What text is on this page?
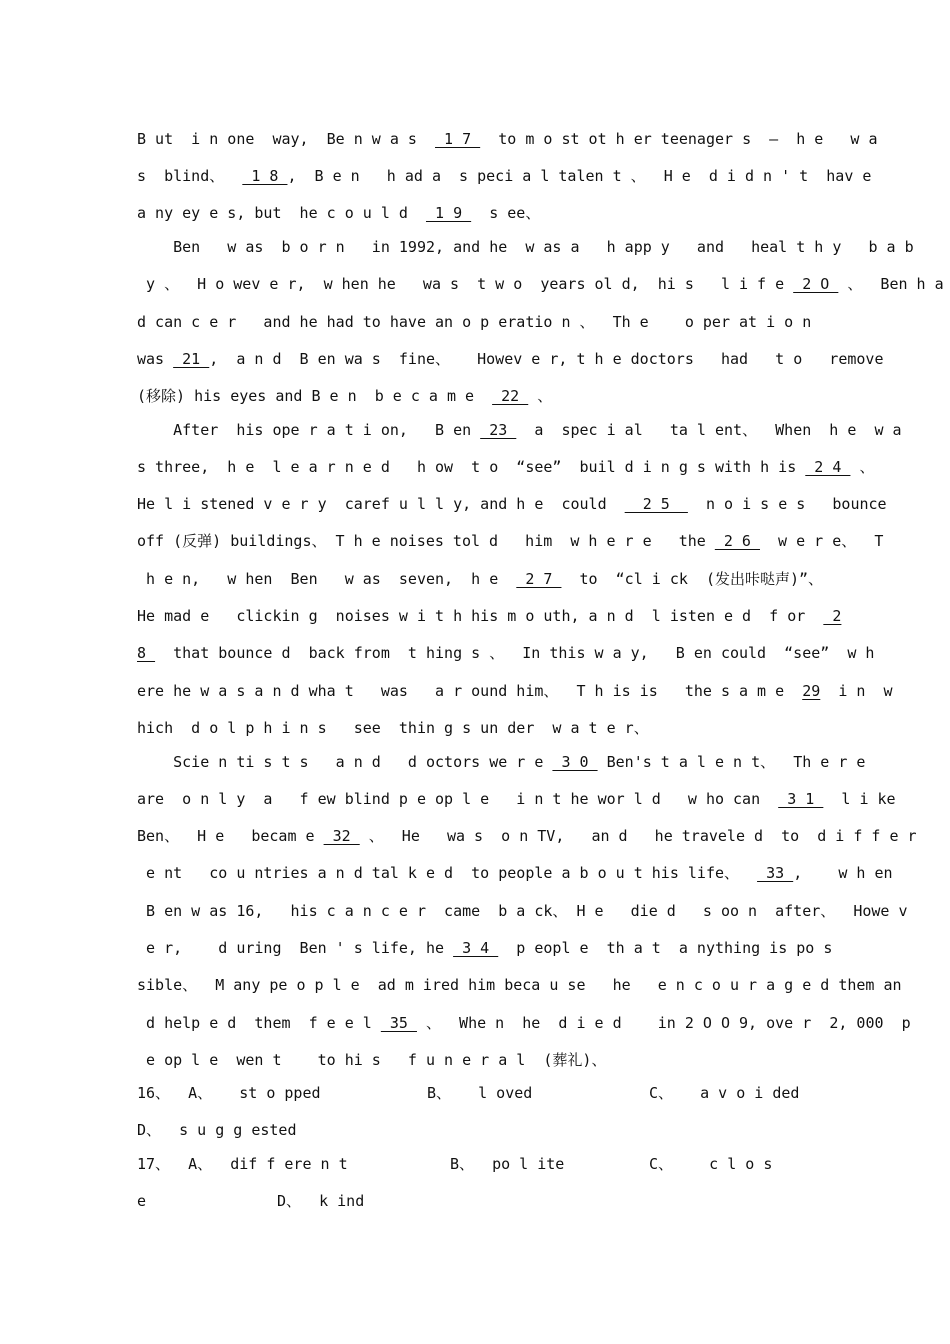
B ut  i n one  way,  Be n w a s   1 7   to m o st ot h er teenager s  —  h e   w a
s  blind、   1 8 ,  B e n   h ad a  s peci a l talen t 、  H e  d i d n ' t  hav e
a ny ey e s, but  he c o u l d   1 9   s ee、
Ben   w as  b o r n   in 1992, and he  w as a   h app y   and   heal t h y   b a b
y 、  H o wev e r,  w hen he   wa s  t w o  years ol d,  hi s   l i f e  2 O  、  Ben h a
d can c e r   and he had to have an o p eratio n 、  Th e    o per at i o n
was  21 ,  a n d  B en wa s  fine、   Howev e r, t h e doctors   had   t o   remove
(移除) his eyes and B e n  b e c a m e   22  、
After  his ope r a t i on,   B en  23   a  spec i al   ta l ent、  When  h e  w a
s three,  h e  l e a r n e d   h ow  t o  “see”  buil d i n g s with h is  2 4  、
He l i stened v e r y  caref u l l y, and h e  could    2 5    n o i s e s   bounce
off (反弹) buildings、 T h e noises tol d   him  w h e r e   the  2 6   w e r e、  T
h e n,   w hen  Ben   w as  seven,  h e   2 7   to  “cl i ck  (发出咔哒声)”、
He mad e   clickin g  noises w i t h his m o uth, a n d  l isten e d  f or   2
8   that bounce d  back from  t hing s 、  In this w a y,   B en could  “see”  w h
ere he w a s a n d wha t   was   a r ound him、  T h is is   the s a m e  29  i n  w
hich  d o l p h i n s   see  thin g s un der  w a t e r、
Scie n ti s t s   a n d   d octors we r e  3 0  Ben's t a l e n t、  Th e r e
are  o n l y  a   f ew blind p e op l e   i n t he wor l d   w ho can   3 1   l i ke
Ben、  H e   becam e  32  、  He   wa s  o n TV,   an d   he travele d  to  d i f f e r
e nt   co u ntries a n d tal k e d  to people a b o u t his life、   33 ,    w h en
B en w as 16,   his c a n c e r  came  b a ck、 H e   die d   s oo n  after、  Howe v
e r,    d uring  Ben ' s life, he  3 4   p eopl e  th a t  a nything is po s
sible、  M any pe o p l e  ad m ired him beca u se   he   e n c o u r a g e d them an
d help e d  them  f e e l  35  、  Whe n  he  d i e d    in 2 O O 9, ove r  2, 000  p
e op l e  wen t    to hi s   f u n e r a l  (葬礼)、
16、  A、   st o pped	B、   l oved	C、   a v o i ded
D、  s u g g ested
17、  A、  dif f ere n t	B、  po l ite	C、    c l o s
e	D、  k ind
